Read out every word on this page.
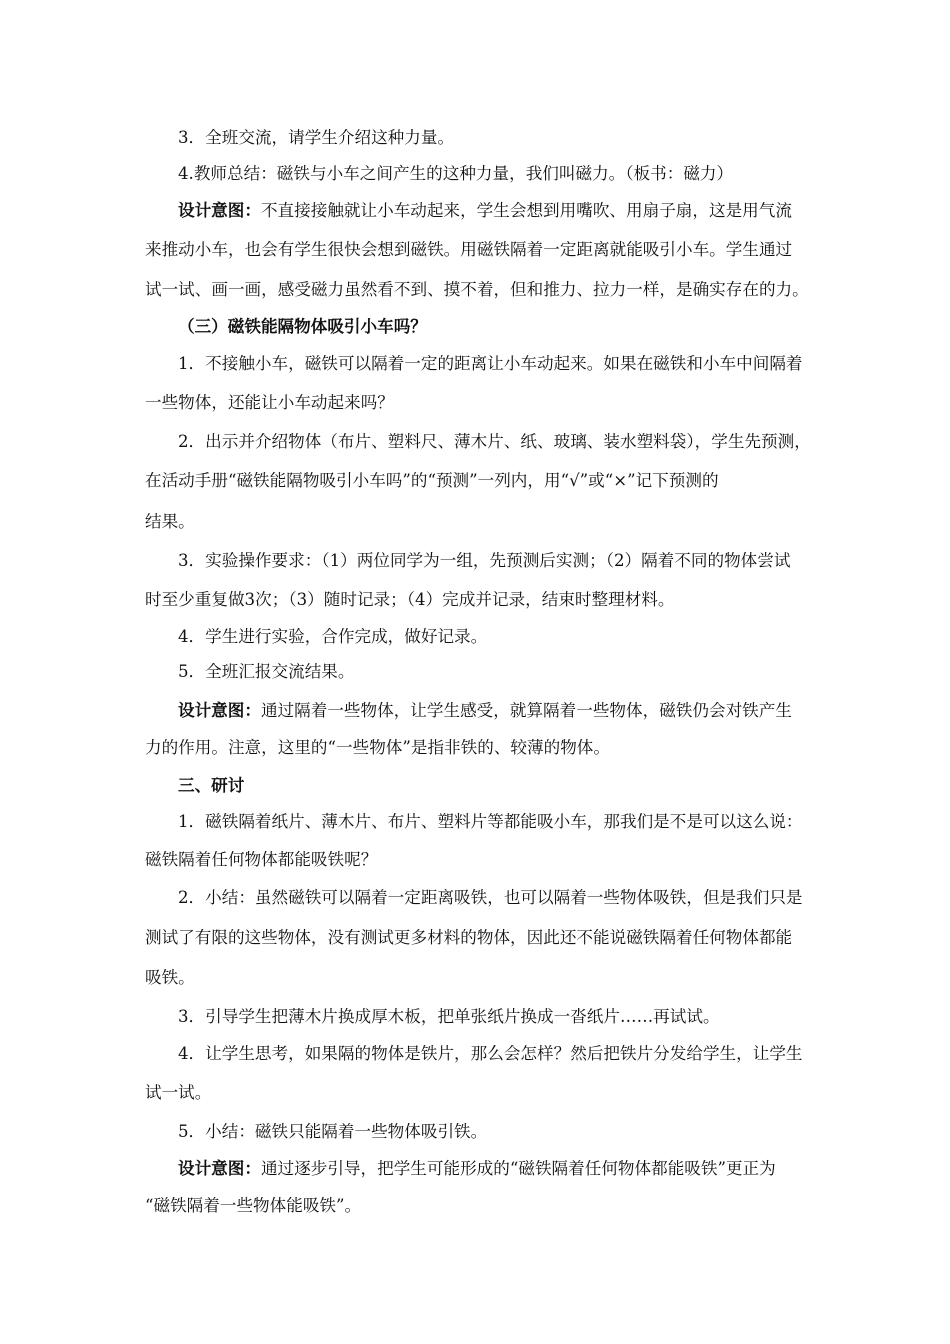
3．全班交流，请学生介绍这种力量。
4.教师总结：磁铁与小车之间产生的这种力量，我们叫磁力。（板书：磁力）
设计意图：不直接接触就让小车动起来，学生会想到用嘴吹、用扇子扇，这是用气流
来推动小车，也会有学生很快会想到磁铁。用磁铁隔着一定距离就能吸引小车。学生通过
试一试、画一画，感受磁力虽然看不到、摸不着，但和推力、拉力一样，是确实存在的力。
（三）磁铁能隔物体吸引小车吗？
1．不接触小车，磁铁可以隔着一定的距离让小车动起来。如果在磁铁和小车中间隔着
一些物体，还能让小车动起来吗？
2．出示并介绍物体（布片、塑料尺、薄木片、纸、玻璃、装水塑料袋），学生先预测，
在活动手册“磁铁能隔物吸引小车吗”的“预测”一列内，用“√”或“×”记下预测的
结果。
3．实验操作要求：（1）两位同学为一组，先预测后实测；（2）隔着不同的物体尝试
时至少重复做3次；（3）随时记录；（4）完成并记录，结束时整理材料。
4．学生进行实验，合作完成，做好记录。
5．全班汇报交流结果。
设计意图：通过隔着一些物体，让学生感受，就算隔着一些物体，磁铁仍会对铁产生
力的作用。注意，这里的“一些物体”是指非铁的、较薄的物体。
三、研讨
1．磁铁隔着纸片、薄木片、布片、塑料片等都能吸小车，那我们是不是可以这么说：
磁铁隔着任何物体都能吸铁呢？
2．小结：虽然磁铁可以隔着一定距离吸铁，也可以隔着一些物体吸铁，但是我们只是
测试了有限的这些物体，没有测试更多材料的物体，因此还不能说磁铁隔着任何物体都能
吸铁。
3．引导学生把薄木片换成厚木板，把单张纸片换成一沓纸片……再试试。
4．让学生思考，如果隔的物体是铁片，那么会怎样？然后把铁片分发给学生，让学生
试一试。
5．小结：磁铁只能隔着一些物体吸引铁。
设计意图：通过逐步引导，把学生可能形成的“磁铁隔着任何物体都能吸铁”更正为
“磁铁隔着一些物体能吸铁”。
